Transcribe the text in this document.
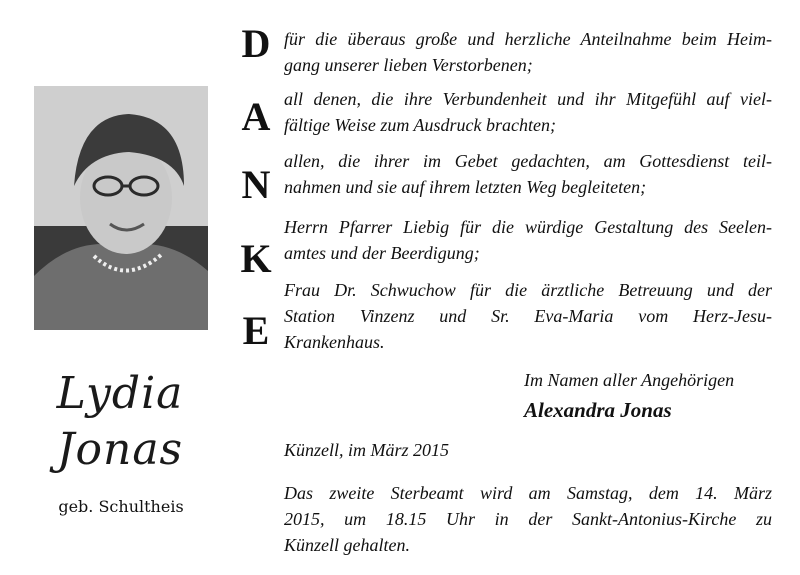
Lydia
Jonas
geb. Schultheis
D für die überaus große und herzliche Anteilnahme beim Heim-
gang unserer lieben Verstorbenen;

A all denen, die ihre Verbundenheit und ihr Mitgefühl auf viel-
fältige Weise zum Ausdruck brachten;

N

allen, die ihrer im Gebet gedachten, am Gottesdienst teil-
nahmen und sie auf ihrem letzten Weg begleiteten;

K

Herrn Pfarrer Liebig für die würdige Gestaltung des Seelen-
amtes und der Beerdigung;

E

Frau Dr. Schwuchow für die ärztliche Betreuung und der
Station Vinzenz und Sr. Eva-Maria vom Herz-Jesu-
Krankenhaus.

Im Namen aller Angehörigen
Alexandra Jonas
Künzell, im März 2015

Das zweite Sterbeamt wird am Samstag, dem 14. März
2015, um 18.15 Uhr in der Sankt-Antonius-Kirche zu
Künzell gehalten.
